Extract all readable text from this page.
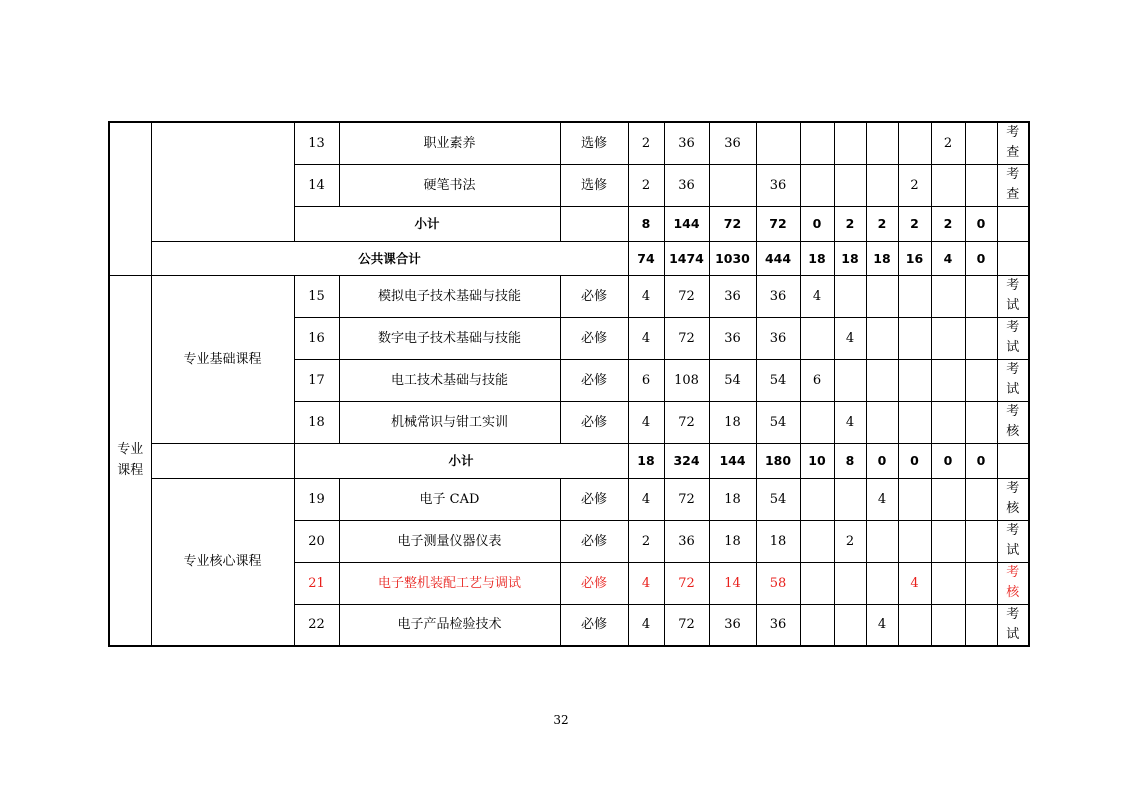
		13	职业素养	选修	2	36	36						2		考
查

		14	硬笔书法	选修	2	36		36				2			考
查

		小计			8	144	72	72	0	2	2	2	2	0	
	公共课合计				74	1474	1030	444	18	18	18	16	4	0	

专业
课程	专业基础课程	15	模拟电子技术基础与技能	必修	4	72	36	36	4						考
试

		16	数字电子技术基础与技能	必修	4	72	36	36		4					考
试

		17	电工技术基础与技能	必修	6	108	54	54	6						考
试

		18	机械常识与钳工实训	必修	4	72	18	54		4					考
核

		小计			18	324	144	180	10	8	0	0	0	0	
	专业核心课程	19	电子 CAD	必修	4	72	18	54			4				考
核

		20	电子测量仪器仪表	必修	2	36	18	18		2					考
试

		21	电子整机装配工艺与调试	必修	4	72	14	58				4			考
核

		22	电子产品检验技术	必修	4	72	36	36			4				考
试
32
